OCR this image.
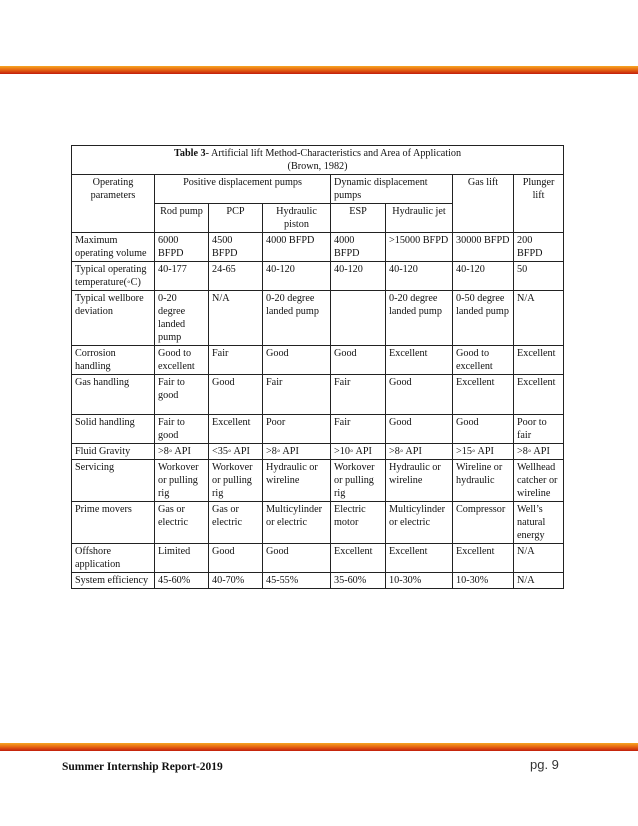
Table 3- Artificial lift Method-Characteristics and Area of Application
(Brown, 1982)							
Operating parameters	Positive displacement pumps			Dynamic displacement pumps		Gas lift	Plunger lift
	Rod pump	PCP	Hydraulic piston	ESP	Hydraulic jet		
Maximum operating volume	6000 BFPD	4500 BFPD	4000 BFPD	4000 BFPD	>15000 BFPD	30000 BFPD	200 BFPD
Typical operating temperature(◦C)	40-177	24-65	40-120	40-120	40-120	40-120	50
Typical wellbore deviation	0-20 degree landed pump	N/A	0-20 degree landed pump		0-20 degree landed pump	0-50 degree landed pump	N/A
Corrosion handling	Good to excellent	Fair	Good	Good	Excellent	Good to excellent	Excellent
Gas handling	Fair to good	Good	Fair	Fair	Good	Excellent	Excellent
Solid handling	Fair to good	Excellent	Poor	Fair	Good	Good	Poor to fair
Fluid Gravity	>8◦ API	<35◦ API	>8◦ API	>10◦ API	>8◦ API	>15◦ API	>8◦ API
Servicing	Workover or pulling rig	Workover or pulling rig	Hydraulic or wireline	Workover or pulling rig	Hydraulic or wireline	Wireline or hydraulic	Wellhead catcher or wireline
Prime movers	Gas or electric	Gas or electric	Multicylinder or electric	Electric motor	Multicylinder or electric	Compressor	Well’s natural energy
Offshore application	Limited	Good	Good	Excellent	Excellent	Excellent	N/A
System efficiency	45-60%	40-70%	45-55%	35-60%	10-30%	10-30%	N/A
Summer Internship Report-2019	pg. 9
